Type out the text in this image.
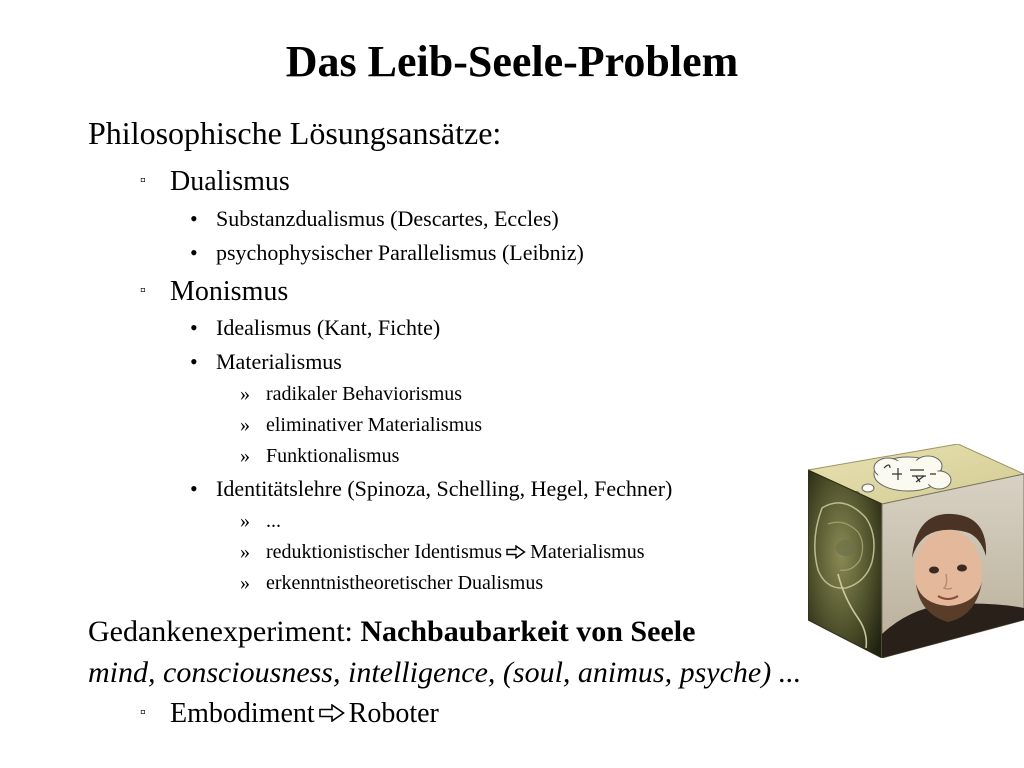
Das Leib-Seele-Problem
Philosophische Lösungsansätze:
▫ Dualismus
• Substanzdualismus (Descartes, Eccles)
• psychophysischer Parallelismus (Leibniz)
▫ Monismus
• Idealismus (Kant, Fichte)
• Materialismus
» radikaler Behaviorismus
» eliminativer Materialismus
» Funktionalismus
• Identitätslehre (Spinoza, Schelling, Hegel, Fechner)
» ...
» reduktionistischer Identismus Materialismus
» erkenntnistheoretischer Dualismus
Gedankenexperiment: Nachbaubarkeit von Seele
mind, consciousness, intelligence, (soul, animus, psyche) ...
▫ Embodiment Roboter
